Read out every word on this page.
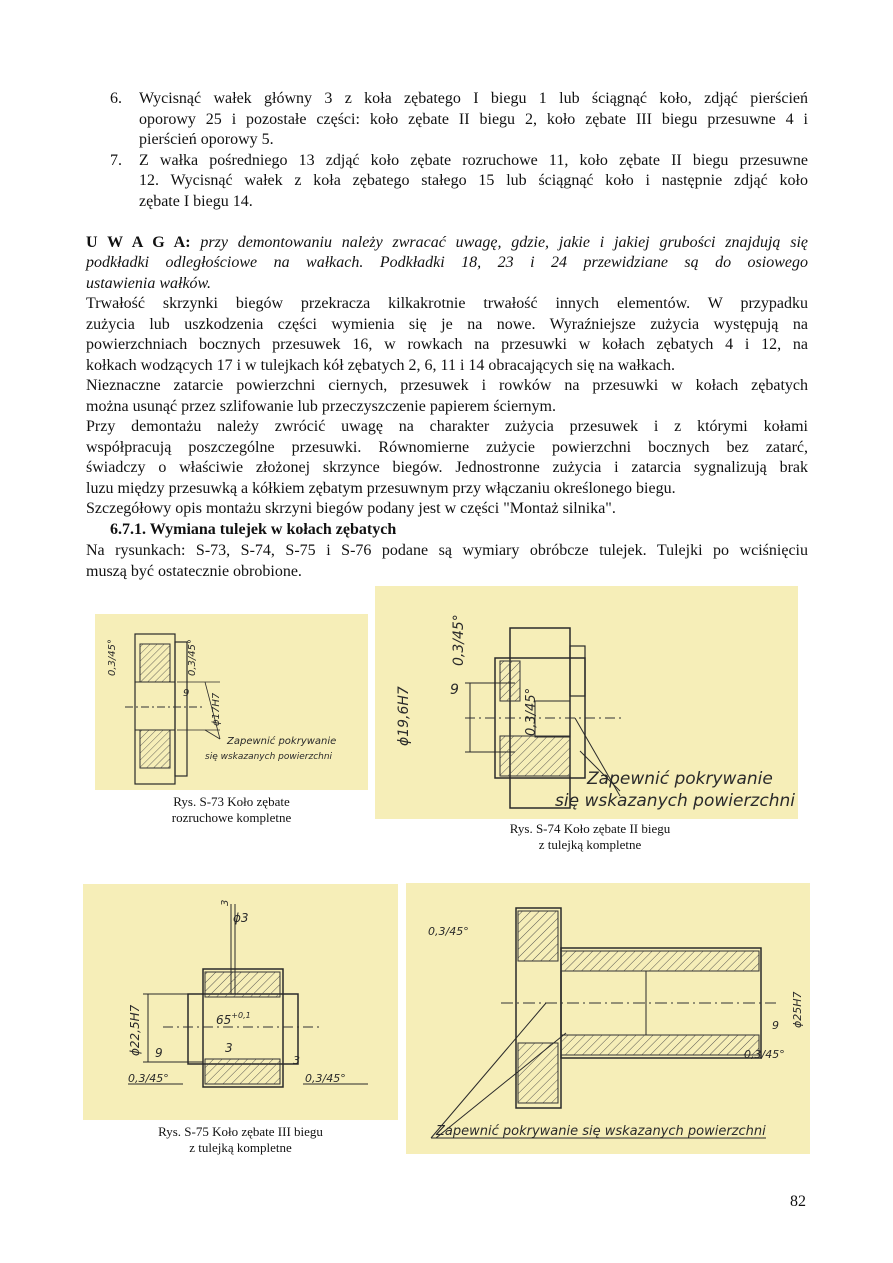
6. Wycisnąć wałek główny 3 z koła zębatego I biegu 1 lub ściągnąć koło, zdjąć pierścień
oporowy 25 i pozostałe części: koło zębate II biegu 2, koło zębate III biegu przesuwne 4 i
pierścień oporowy 5.
7. Z wałka pośredniego 13 zdjąć koło zębate rozruchowe 11, koło zębate II biegu przesuwne
12. Wycisnąć wałek z koła zębatego stałego 15 lub ściągnąć koło i następnie zdjąć koło
zębate I biegu 14.
U W A G A: przy demontowaniu należy zwracać uwagę, gdzie, jakie i jakiej grubości znajdują się
podkładki odległościowe na wałkach. Podkładki 18, 23 i 24 przewidziane są do osiowego
ustawienia wałków.
Trwałość skrzynki biegów przekracza kilkakrotnie trwałość innych elementów. W przypadku
zużycia lub uszkodzenia części wymienia się je na nowe. Wyraźniejsze zużycia występują na
powierzchniach bocznych przesuwek 16, w rowkach na przesuwki w kołach zębatych 4 i 12, na
kołkach wodzących 17 i w tulejkach kół zębatych 2, 6, 11 i 14 obracających się na wałkach.
Nieznaczne zatarcie powierzchni ciernych, przesuwek i rowków na przesuwki w kołach zębatych
można usunąć przez szlifowanie lub przeczyszczenie papierem ściernym.
Przy demontażu należy zwrócić uwagę na charakter zużycia przesuwek i z którymi kołami
współpracują poszczególne przesuwki. Równomierne zużycie powierzchni bocznych bez zatarć,
świadczy o właściwie złożonej skrzynce biegów. Jednostronne zużycia i zatarcia sygnalizują brak
luzu między przesuwką a kółkiem zębatym przesuwnym przy włączaniu określonego biegu.
Szczegółowy opis montażu skrzyni biegów podany jest w części "Montaż silnika".
6.7.1. Wymiana tulejek w kołach zębatych
Na rysunkach: S-73, S-74, S-75 i S-76 podane są wymiary obróbcze tulejek. Tulejki po wciśnięciu
muszą być ostatecznie obrobione.
0,3/45°	0,3/45°
9 ϕ17H7
Zapewnić pokrywanie
się wskazanych powierzchni
Rys. S-73 Koło zębate
rozruchowe kompletne
0,3/45°
9
ϕ19,6H7	0,3/45°
Zapewnić pokrywanie
się wskazanych powierzchni
Rys. S-74 Koło zębate II biegu
z tulejką kompletne
ϕ3
3
$65^{+0,1}$
3
ϕ22,5H7 9
0,3/45°	0,3/45°
3
Rys. S-75 Koło zębate III biegu
z tulejką kompletne
0,3/45°
9 ϕ25H7
0,3/45°
Zapewnić pokrywanie się wskazanych powierzchni
82
